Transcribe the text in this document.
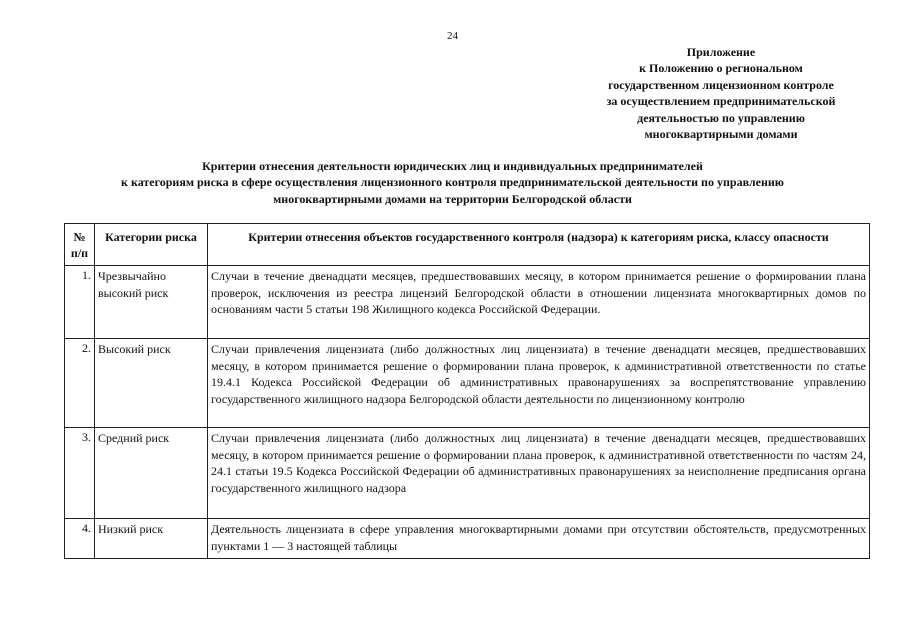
24
Приложение
к Положению о региональном
государственном лицензионном контроле
за осуществлением предпринимательской
деятельностью по управлению
многоквартирными домами
Критерии отнесения деятельности юридических лиц и индивидуальных предпринимателей
к категориям риска в сфере осуществления лицензионного контроля предпринимательской деятельности по управлению
многоквартирными домами на территории Белгородской области
№ п/п	Категории риска	Критерии отнесения объектов государственного контроля (надзора) к категориям риска, классу опасности
1.	Чрезвычайно высокий риск	Случаи в течение двенадцати месяцев, предшествовавших месяцу, в котором принимается решение о формировании плана проверок, исключения из реестра лицензий Белгородской области в отношении лицензиата многоквартирных домов по основаниям части 5 статьи 198 Жилищного кодекса Российской Федерации.
2.	Высокий риск	Случаи привлечения лицензиата (либо должностных лиц лицензиата) в течение двенадцати месяцев, предшествовавших месяцу, в котором принимается решение о формировании плана проверок, к административной ответственности по статье 19.4.1 Кодекса Российской Федерации об административных правонарушениях за воспрепятствование управлению государственного жилищного надзора Белгородской области деятельности по лицензионному контролю
3.	Средний риск	Случаи привлечения лицензиата (либо должностных лиц лицензиата) в течение двенадцати месяцев, предшествовавших месяцу, в котором принимается решение о формировании плана проверок, к административной ответственности по частям 24, 24.1 статьи 19.5 Кодекса Российской Федерации об административных правонарушениях за неисполнение предписания органа государственного жилищного надзора
4.	Низкий риск	Деятельность лицензиата в сфере управления многоквартирными домами при отсутствии обстоятельств, предусмотренных пунктами 1 — 3 настоящей таблицы
